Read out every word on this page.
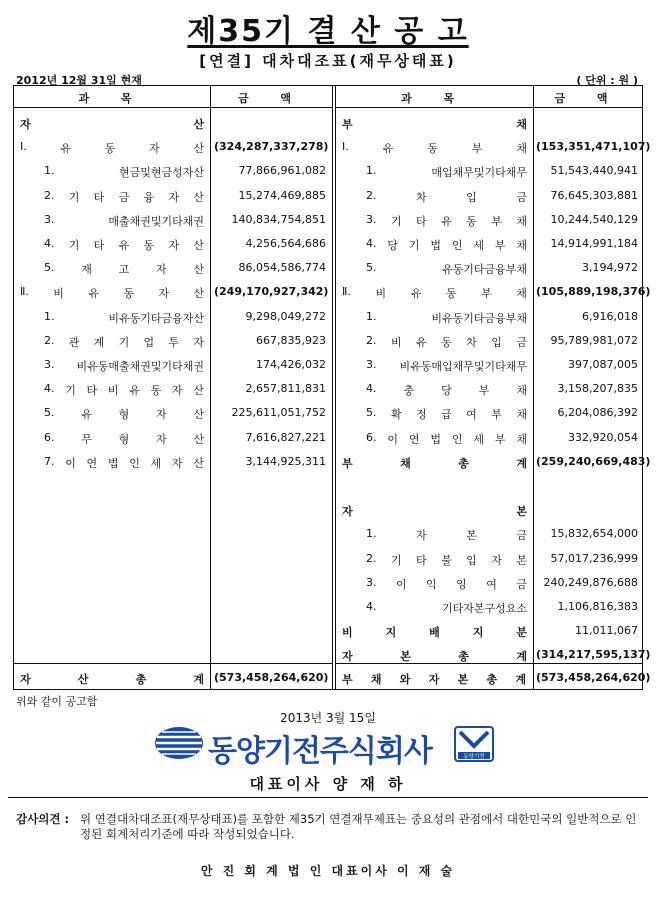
제35기 결 산 공 고
[연결] 대차대조표(재무상태표)
2012년 12월 31일 현재	( 단위 : 원 )
과 목	금 액
자	산
Ⅰ.	유	동	자	산 (324,287,337,278)
1.	현금및현금성자산	77,866,961,082
2. 기 타 금 융 자 산	15,274,469,885
3.	매출채권및기타채권	140,834,754,851
4. 기 타 유 동 자 산	4,256,564,686
5. 재 고 자 산	86,054,586,774
Ⅱ. 비 유 동 자 산 (249,170,927,342)
1.	비유동기타금융자산	9,298,049,272
2. 관 계 기 업 투 자	667,835,923
3. 비유동매출채권및기타채권	174,426,032
4. 기 타 비 유 동 자 산	2,657,811,831
5. 유 형 자 산	225,611,051,752
6. 무 형 자 산	7,616,827,221
7. 이 연 법 인 세 자 산	3,144,925,311
자	산	총	계 (573,458,264,620)
과 목	금 액
부	채
Ⅰ.	유	동	부	채 (153,351,471,107)
1.	매입채무및기타채무	51,543,440,941
2.	차	입	금	76,645,303,881
3. 기 타 유 동 부 채	10,244,540,129
4. 당 기 법 인 세 부 채	14,914,991,184
5.	유동기타금융부채	3,194,972
Ⅱ. 비 유 동 부 채 (105,889,198,376)
1.	비유동기타금융부채	6,916,018
2. 비 유 동 차 입 금	95,789,981,072
3. 비유동매입채무및기타채무	397,087,005
4. 충 당 부 채	3,158,207,835
5. 확 정 급 여 부 채	6,204,086,392
6. 이 연 법 인 세 부 채	332,920,054
부	채	총	계 (259,240,669,483)
자	본
1.	자	본	금	15,832,654,000
2. 기 타 불 입 자 본	57,017,236,999
3. 이 익 잉 여 금	240,249,876,688
4.	기타자본구성요소	1,106,816,383
비	지	배	지	분	11,011,067
자	본	총	계 (314,217,595,137)
부 채 와 자 본 총 계 (573,458,264,620)
위와 같이 공고함
2013년 3월 15일
동양기전주식회사	동양기전
대표이사 양 재 하
감사의견 : 위 연결대차대조표(재무상태표)를 포함한 제35기 연결재무제표는 중요성의 관점에서 대한민국의 일반적으로 인정된 회계처리기준에 따라 작성되었습니다.
안 진 회 계 법 인 대표이사 이 재 술
